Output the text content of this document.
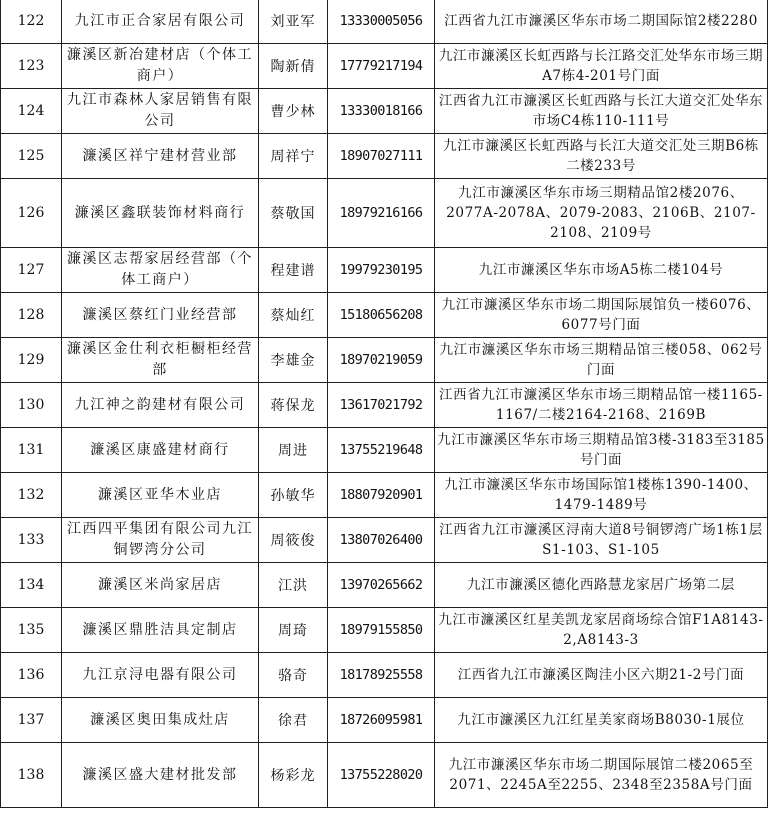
122	九江市正合家居有限公司	刘亚军	13330005056	江西省九江市濂溪区华东市场二期国际馆2楼2280
123	濂溪区新冶建材店（个体工商户）	陶新倩	17779217194	九江市濂溪区长虹西路与长江路交汇处华东市场三期A7栋4-201号门面
124	九江市森林人家居销售有限公司	曹少林	13330018166	江西省九江市濂溪区长虹西路与长江大道交汇处华东市场C4栋110-111号
125	濂溪区祥宁建材营业部	周祥宁	18907027111	九江市濂溪区长虹西路与长江大道交汇处三期B6栋二楼233号
126	濂溪区鑫联装饰材料商行	蔡敬国	18979216166	九江市濂溪区华东市场三期精品馆2楼2076、2077A-2078A、2079-2083、2106B、2107-2108、2109号
127	濂溪区志帮家居经营部（个体工商户）	程建谱	19979230195	九江市濂溪区华东市场A5栋二楼104号
128	濂溪区蔡红门业经营部	蔡灿红	15180656208	九江市濂溪区华东市场二期国际展馆负一楼6076、6077号门面
129	濂溪区金仕利衣柜橱柜经营部	李雄金	18970219059	九江市濂溪区华东市场三期精品馆三楼058、062号门面
130	九江神之韵建材有限公司	蒋保龙	13617021792	江西省九江市濂溪区华东市场三期精品馆一楼1165-1167/二楼2164-2168、2169B
131	濂溪区康盛建材商行	周进	13755219648	九江市濂溪区华东市场三期精品馆3楼-3183至3185号门面
132	濂溪区亚华木业店	孙敏华	18807920901	九江市濂溪区华东市场国际馆1楼栋1390-1400、1479-1489号
133	江西四平集团有限公司九江铜锣湾分公司	周筱俊	13807026400	江西省九江市濂溪区浔南大道8号铜锣湾广场1栋1层S1-103、S1-105
134	濂溪区米尚家居店	江洪	13970265662	九江市濂溪区德化西路慧龙家居广场第二层
135	濂溪区鼎胜洁具定制店	周琦	18979155850	九江市濂溪区红星美凯龙家居商场综合馆F1A8143-2,A8143-3
136	九江京浔电器有限公司	骆奇	18178925558	江西省九江市濂溪区陶洼小区六期21-2号门面
137	濂溪区奥田集成灶店	徐君	18726095981	九江市濂溪区九江红星美家商场B8030-1展位
138	濂溪区盛大建材批发部	杨彩龙	13755228020	九江市濂溪区华东市场二期国际展馆二楼2065至2071、2245A至2255、2348至2358A号门面
